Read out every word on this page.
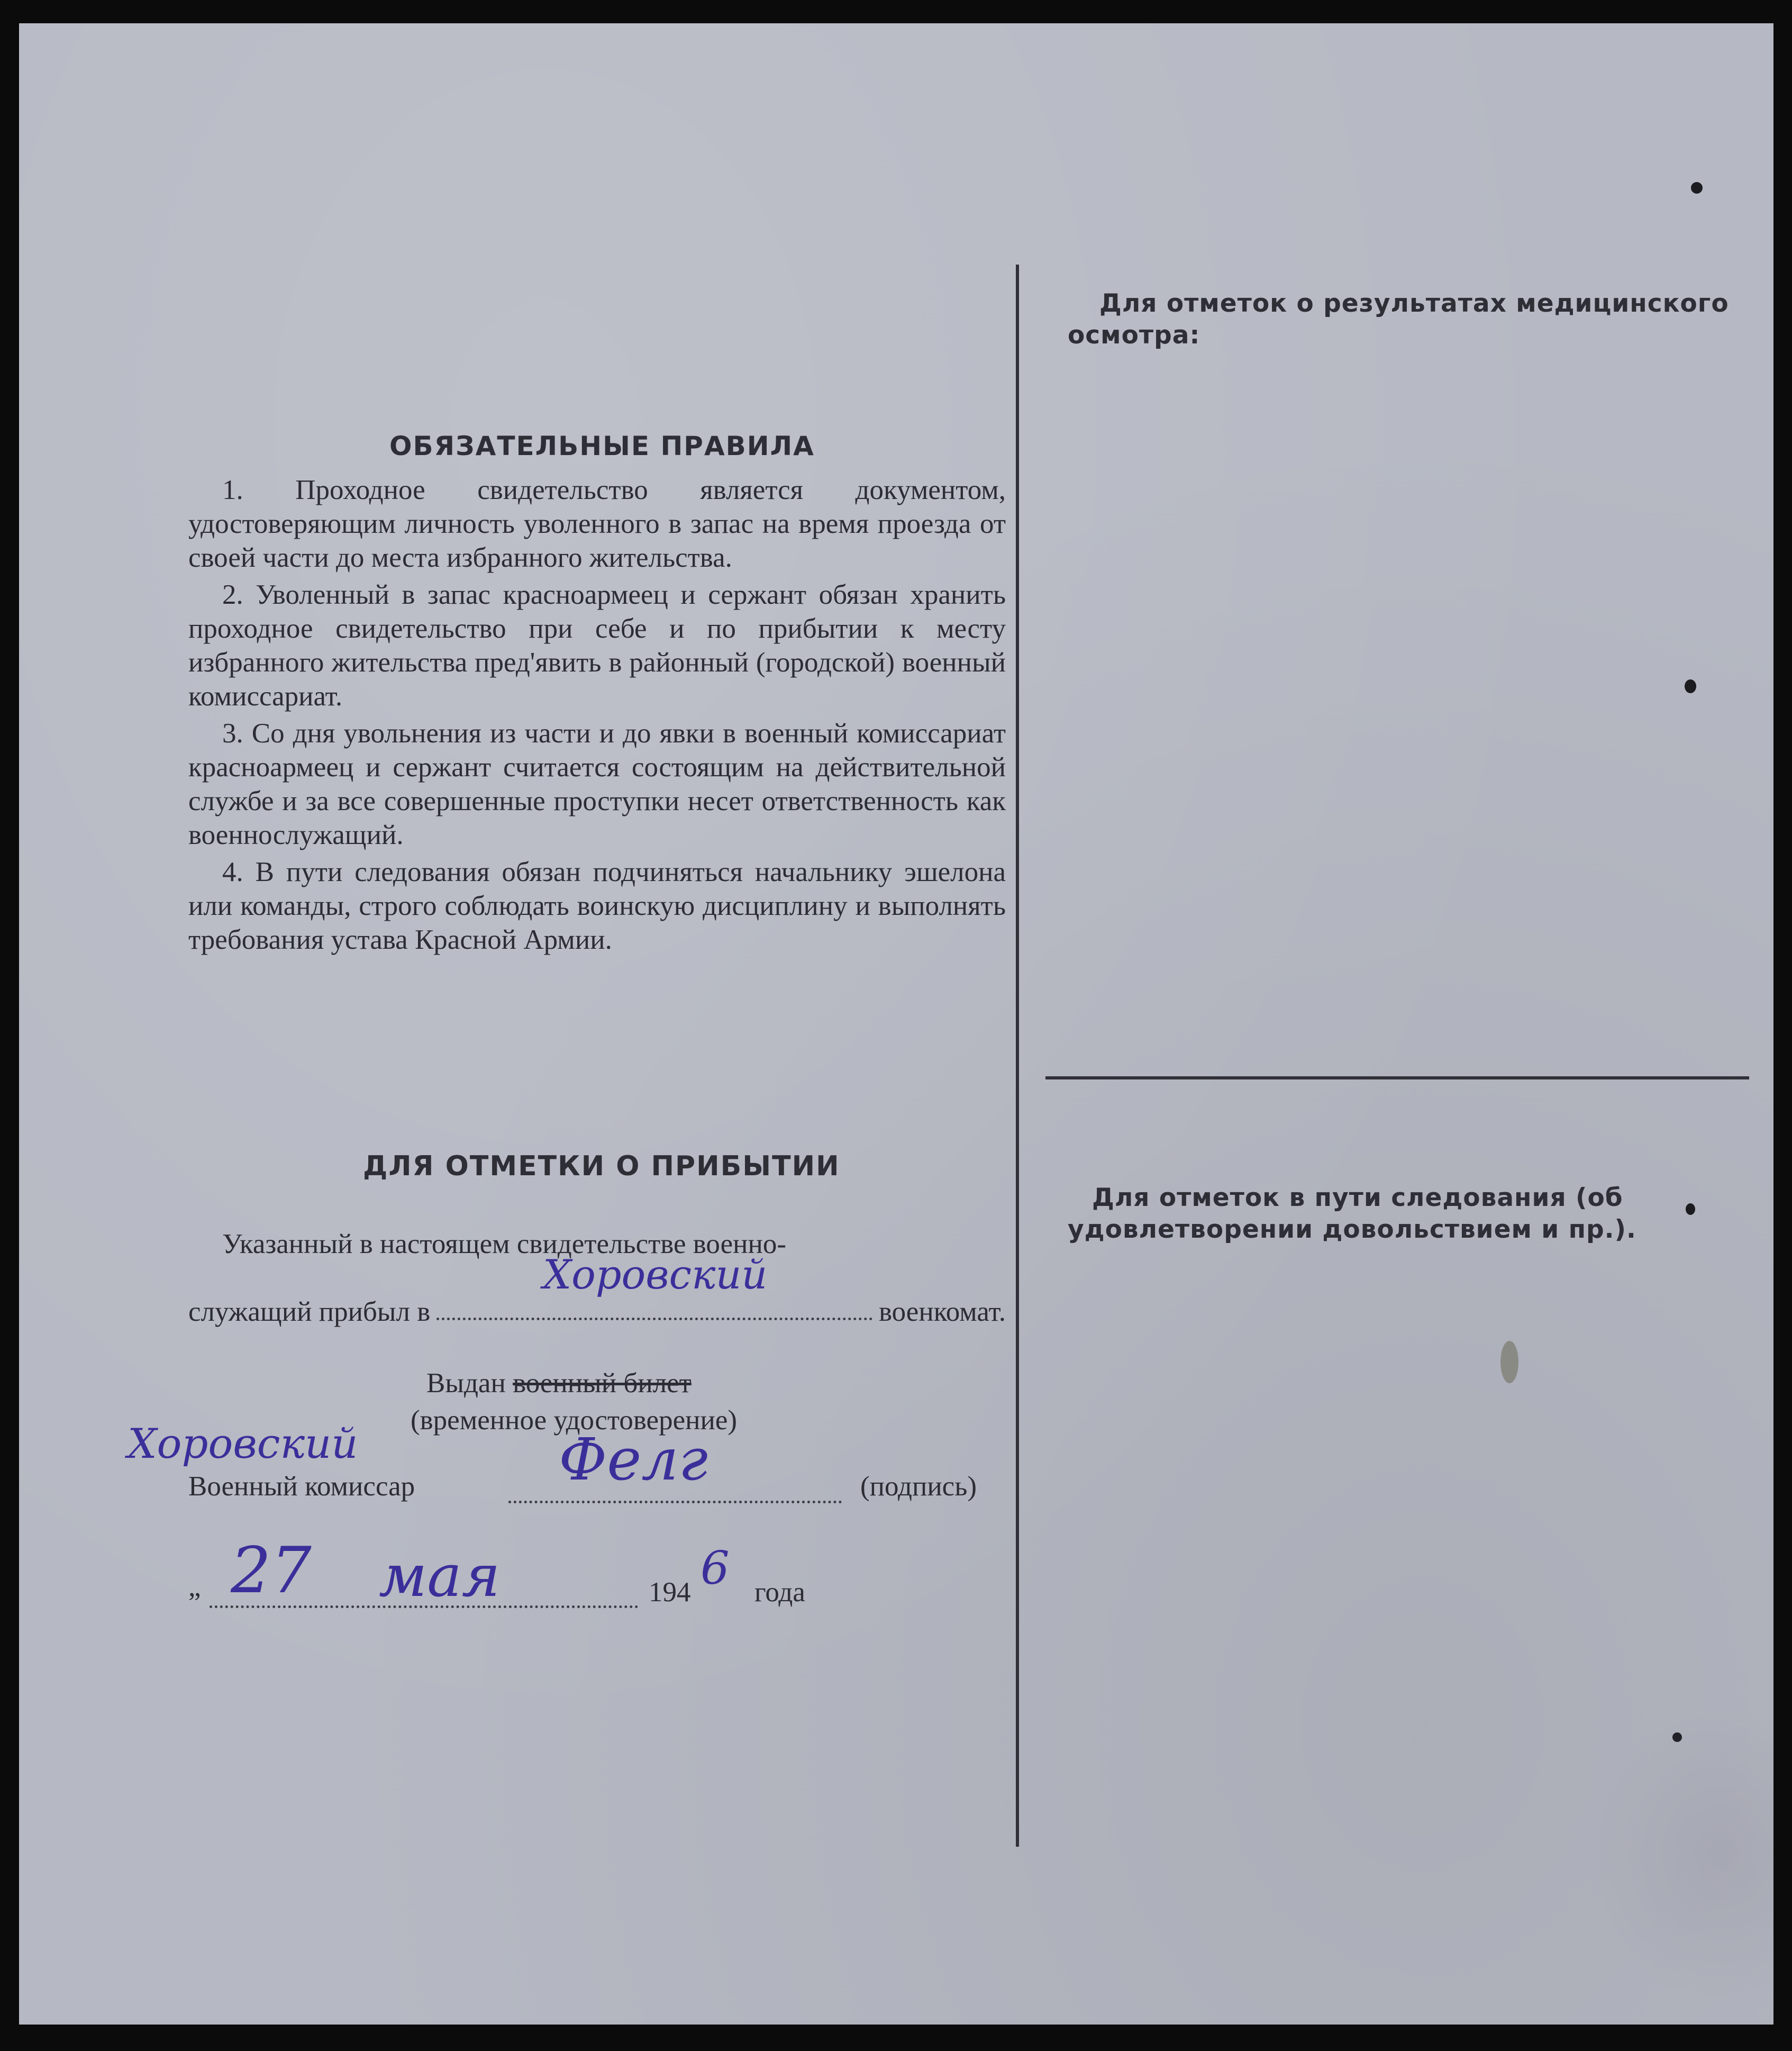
ОБЯЗАТЕЛЬНЫЕ ПРАВИЛА

1. Проходное свидетельство является документом, удостоверяющим личность уволенного в запас на время проезда от своей части до места избранного жительства.

2. Уволенный в запас красноармеец и сержант обязан хранить проходное свидетельство при себе и по прибытии к месту избранного жительства пред'явить в районный (городской) военный комиссариат.

3. Со дня увольнения из части и до явки в военный комиссариат красноармеец и сержант считается состоящим на действительной службе и за все совершенные проступки несет ответственность как военнослужащий.

4. В пути следования обязан подчиняться начальнику эшелона или команды, строго соблюдать воинскую дисциплину и выполнять требования устава Красной Армии.

ДЛЯ ОТМЕТКИ О ПРИБЫТИИ

Указанный в настоящем свидетельстве военно-

служащий прибыл в	военкомат.
Хоровский
Выдан военный билет
(временное удостоверение)
Хоровский
Военный комиссар	(подпись)
Фелг
„ 27 мая	194 6 года
Для отметок о результатах медицинского осмотра:
Для отметок в пути следования (об удовлетворении довольствием и пр.).
